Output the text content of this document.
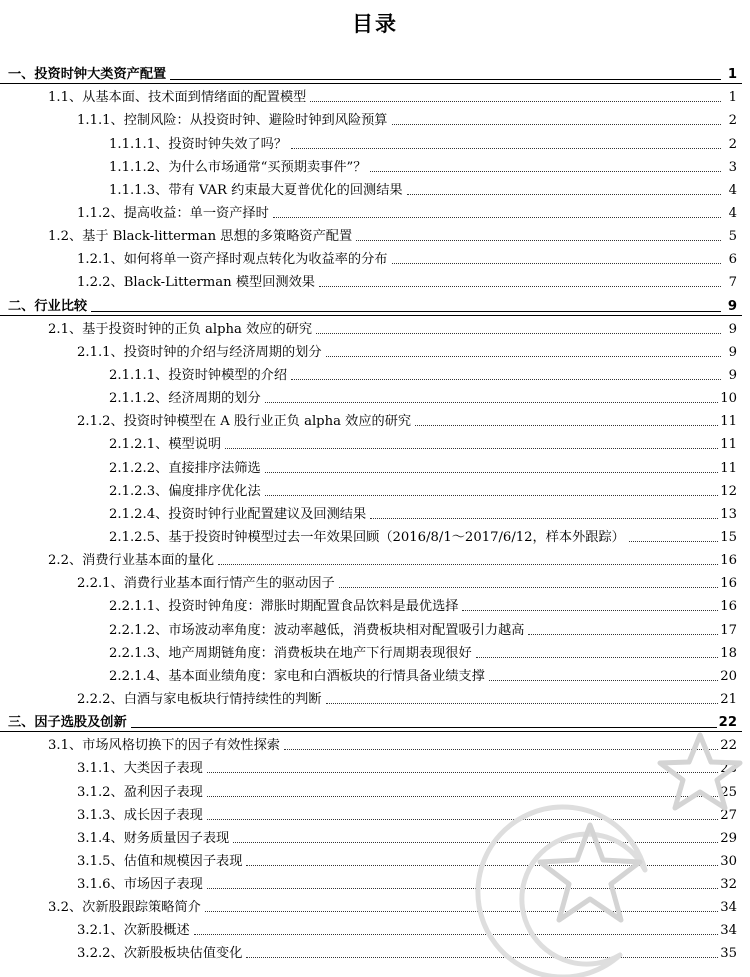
目录
一、投资时钟大类资产配置	1
1.1、从基本面、技术面到情绪面的配置模型	1
1.1.1、控制风险：从投资时钟、避险时钟到风险预算	2
1.1.1.1、投资时钟失效了吗？	2
1.1.1.2、为什么市场通常“买预期卖事件”？	3
1.1.1.3、带有 VAR 约束最大夏普优化的回测结果	4
1.1.2、提高收益：单一资产择时	4
1.2、基于 Black-litterman 思想的多策略资产配置	5
1.2.1、如何将单一资产择时观点转化为收益率的分布	6
1.2.2、Black-Litterman 模型回测效果	7
二、行业比较	9
2.1、基于投资时钟的正负 alpha 效应的研究	9
2.1.1、投资时钟的介绍与经济周期的划分	9
2.1.1.1、投资时钟模型的介绍	9
2.1.1.2、经济周期的划分	10
2.1.2、投资时钟模型在 A 股行业正负 alpha 效应的研究	11
2.1.2.1、模型说明	11
2.1.2.2、直接排序法筛选	11
2.1.2.3、偏度排序优化法	12
2.1.2.4、投资时钟行业配置建议及回测结果	13
2.1.2.5、基于投资时钟模型过去一年效果回顾（2016/8/1～2017/6/12，样本外跟踪）	15
2.2、消费行业基本面的量化	16
2.2.1、消费行业基本面行情产生的驱动因子	16
2.2.1.1、投资时钟角度：滞胀时期配置食品饮料是最优选择	16
2.2.1.2、市场波动率角度：波动率越低，消费板块相对配置吸引力越高	17
2.2.1.3、地产周期链角度：消费板块在地产下行周期表现很好	18
2.2.1.4、基本面业绩角度：家电和白酒板块的行情具备业绩支撑	20
2.2.2、白酒与家电板块行情持续性的判断	21
三、因子选股及创新	22
3.1、市场风格切换下的因子有效性探索	22
3.1.1、大类因子表现	23
3.1.2、盈利因子表现	25
3.1.3、成长因子表现	27
3.1.4、财务质量因子表现	29
3.1.5、估值和规模因子表现	30
3.1.6、市场因子表现	32
3.2、次新股跟踪策略简介	34
3.2.1、次新股概述	34
3.2.2、次新股板块估值变化	35
